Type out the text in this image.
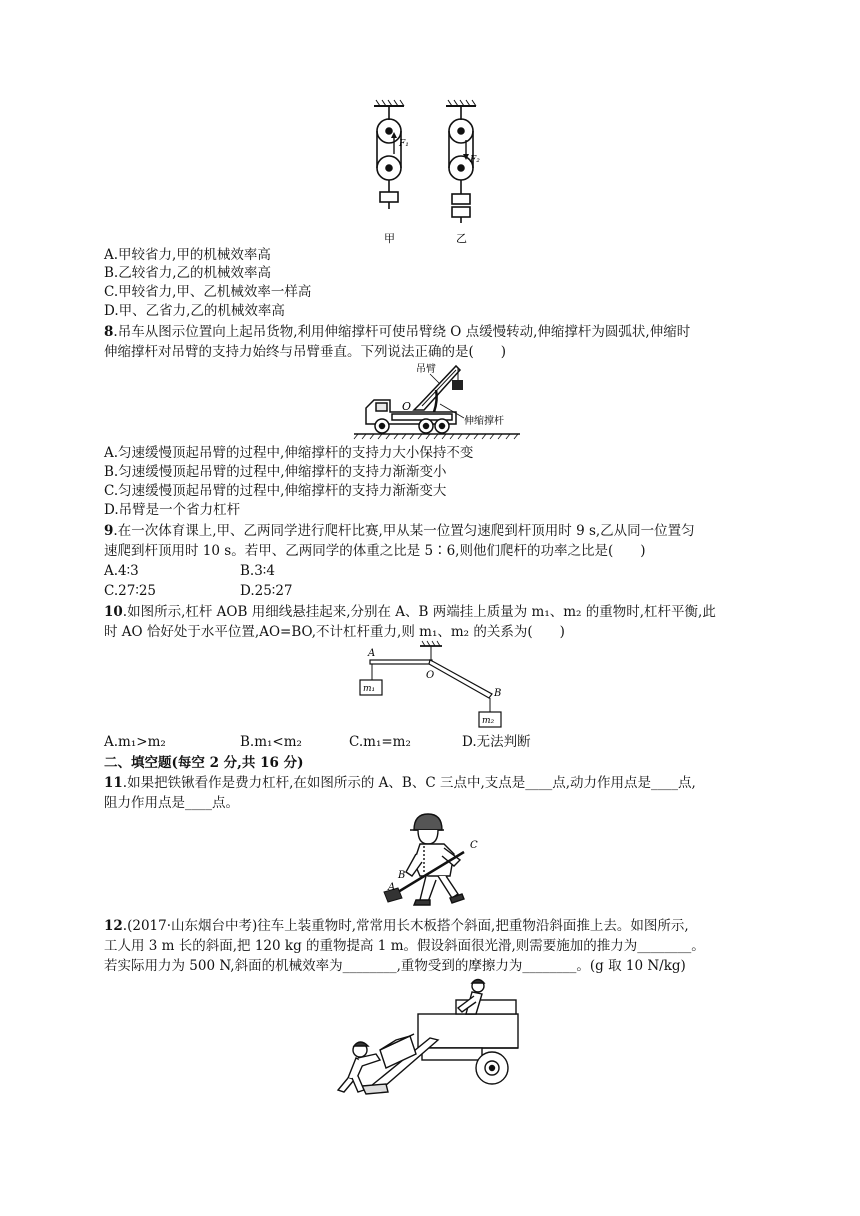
F₁
F₂
甲	乙
A.甲较省力,甲的机械效率高
B.乙较省力,乙的机械效率高
C.甲较省力,甲、乙机械效率一样高
D.甲、乙省力,乙的机械效率高
8.吊车从图示位置向上起吊货物,利用伸缩撑杆可使吊臂绕 O 点缓慢转动,伸缩撑杆为圆弧状,伸缩时
伸缩撑杆对吊臂的支持力始终与吊臂垂直。下列说法正确的是(　　)
吊臂
O
伸缩撑杆
A.匀速缓慢顶起吊臂的过程中,伸缩撑杆的支持力大小保持不变
B.匀速缓慢顶起吊臂的过程中,伸缩撑杆的支持力渐渐变小
C.匀速缓慢顶起吊臂的过程中,伸缩撑杆的支持力渐渐变大
D.吊臂是一个省力杠杆
9.在一次体育课上,甲、乙两同学进行爬杆比赛,甲从某一位置匀速爬到杆顶用时 9 s,乙从同一位置匀
速爬到杆顶用时 10 s。若甲、乙两同学的体重之比是 5∶6,则他们爬杆的功率之比是(　　)
A.4∶3	B.3∶4
C.27∶25	D.25∶27
10.如图所示,杠杆 AOB 用细线悬挂起来,分别在 A、B 两端挂上质量为 m₁、m₂ 的重物时,杠杆平衡,此
时 AO 恰好处于水平位置,AO=BO,不计杠杆重力,则 m₁、m₂ 的关系为(　　)
A
O
B
m₁
m₂
A.m₁>m₂	B.m₁<m₂	C.m₁=m₂	D.无法判断
二、填空题(每空 2 分,共 16 分)
11.如果把铁锹看作是费力杠杆,在如图所示的 A、B、C 三点中,支点是____点,动力作用点是____点,
阻力作用点是____点。
C
B
A
12.(2017·山东烟台中考)往车上装重物时,常常用长木板搭个斜面,把重物沿斜面推上去。如图所示,
工人用 3 m 长的斜面,把 120 kg 的重物提高 1 m。假设斜面很光滑,则需要施加的推力为________。
若实际用力为 500 N,斜面的机械效率为________,重物受到的摩擦力为________。(g 取 10 N/kg)
